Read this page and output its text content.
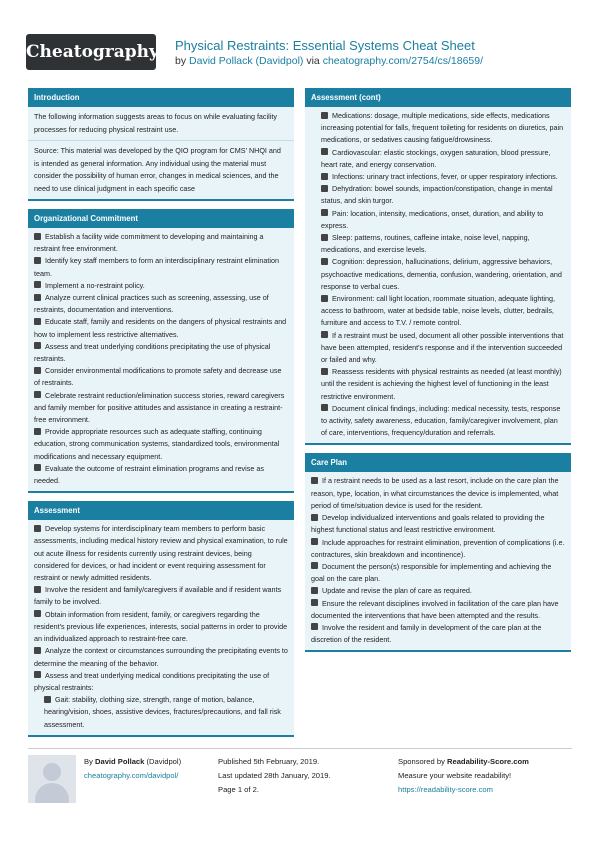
Cheatography Physical Restraints: Essential Systems Cheat Sheet
by David Pollack (Davidpol) via cheatography.com/2754/cs/18659/
Introduction
The following information suggests areas to focus on while evaluating facility processes for reducing physical restraint use.
Source: This material was developed by the QIO program for CMS' NHQI and is intended as general information. Any individual using the material must consider the possibility of human error, changes in medical sciences, and the need to use clinical judgment in each specific case
Organizational Commitment
Establish a facility wide commitment to developing and maintaining a restraint free environment.
Identify key staff members to form an interdisciplinary restraint elimination team.
Implement a no-restraint policy.
Analyze current clinical practices such as screening, assessing, use of restraints, documentation and interventions.
Educate staff, family and residents on the dangers of physical restraints and how to implement less restrictive alternatives.
Assess and treat underlying conditions precipitating the use of physical restraints.
Consider environmental modifications to promote safety and decrease use of restraints.
Celebrate restraint reduction/elimination success stories, reward caregivers and family member for positive attitudes and assistance in creating a restraint-free environment.
Provide appropriate resources such as adequate staffing, continuing education, strong communication systems, standardized tools, environmental modifications and necessary equipment.
Evaluate the outcome of restraint elimination programs and revise as needed.
Assessment
Develop systems for interdisciplinary team members to perform basic assessments, including medical history review and physical examination, to rule out acute illness for residents currently using restraint devices, being considered for devices, or had incident or event requiring assessment for restraint or newly admitted residents.
Involve the resident and family/caregivers if available and if resident wants family to be involved.
Obtain information from resident, family, or caregivers regarding the resident's previous life experiences, interests, social patterns in order to provide an individualized approach to restraint-free care.
Analyze the context or circumstances surrounding the precipitating events to determine the meaning of the behavior.
Assess and treat underlying medical conditions precipitating the use of physical restraints:
Gait: stability, clothing size, strength, range of motion, balance, hearing/vision, shoes, assistive devices, fractures/precautions, and fall risk assessment.
Assessment (cont)
Medications: dosage, multiple medications, side effects, medications increasing potential for falls, frequent toileting for residents on diuretics, pain medications, or sedatives causing fatigue/drowsiness.
Cardiovascular: elastic stockings, oxygen saturation, blood pressure, heart rate, and energy conservation.
Infections: urinary tract infections, fever, or upper respiratory infections.
Dehydration: bowel sounds, impaction/constipation, change in mental status, and skin turgor.
Pain: location, intensity, medications, onset, duration, and ability to express.
Sleep: patterns, routines, caffeine intake, noise level, napping, medications, and exercise levels.
Cognition: depression, hallucinations, delirium, aggressive behaviors, psychoactive medications, dementia, confusion, wandering, orientation, and response to verbal cues.
Environment: call light location, roommate situation, adequate lighting, access to bathroom, water at bedside table, noise levels, clutter, bedrails, furniture and access to T.V. / remote control.
If a restraint must be used, document all other possible interventions that have been attempted, resident's response and if the intervention succeeded or failed and why.
Reassess residents with physical restraints as needed (at least monthly) until the resident is achieving the highest level of functioning in the least restrictive environment.
Document clinical findings, including: medical necessity, tests, response to activity, safety awareness, education, family/caregiver involvement, plan of care, interventions, frequency/duration and referrals.
Care Plan
If a restraint needs to be used as a last resort, include on the care plan the reason, type, location, in what circumstances the device is implemented, what period of time/situation device is used for the resident.
Develop individualized interventions and goals related to providing the highest functional status and least restrictive environment.
Include approaches for restraint elimination, prevention of complications (i.e. contractures, skin breakdown and incontinence).
Document the person(s) responsible for implementing and achieving the goal on the care plan.
Update and revise the plan of care as required.
Ensure the relevant disciplines involved in facilitation of the care plan have documented the interventions that have been attempted and the results.
Involve the resident and family in development of the care plan at the discretion of the resident.
By David Pollack (Davidpol)
cheatography.com/davidpol/
Published 5th February, 2019.
Last updated 28th January, 2019.
Page 1 of 2.
Sponsored by Readability-Score.com
Measure your website readability!
https://readability-score.com
